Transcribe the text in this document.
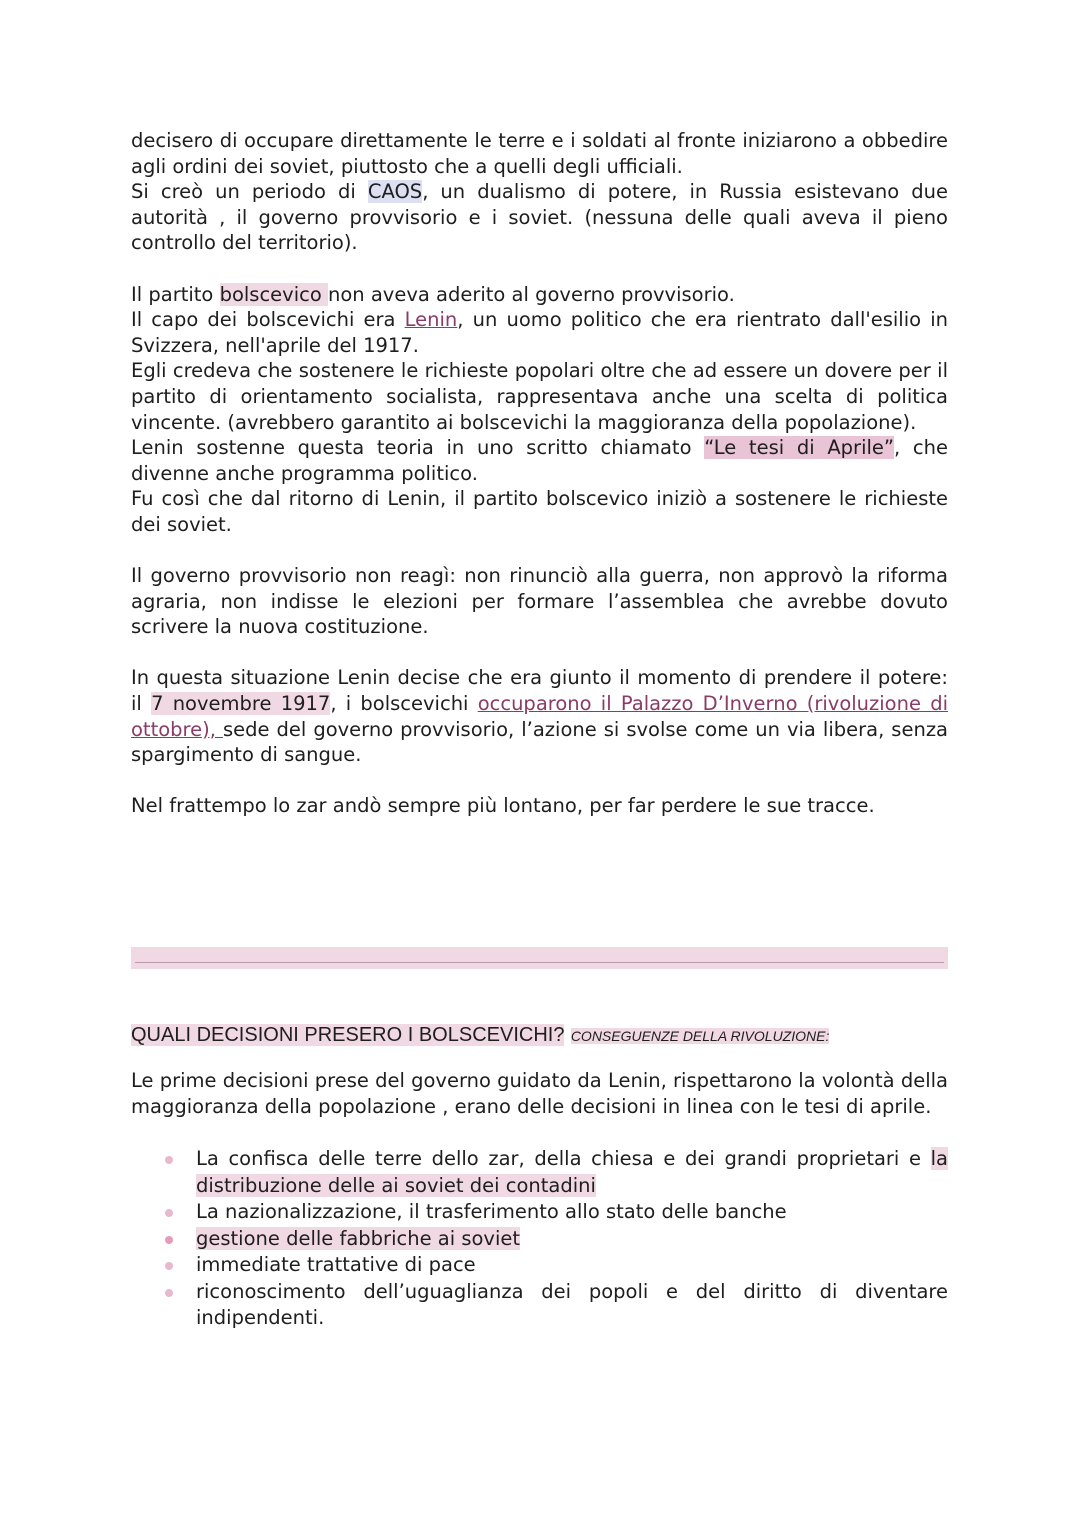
decisero di occupare direttamente le terre e i soldati al fronte iniziarono a obbedire agli ordini dei soviet, piuttosto che a quelli degli ufficiali.
Si creò un periodo di CAOS, un dualismo di potere, in Russia esistevano due autorità , il governo provvisorio e i soviet. (nessuna delle quali aveva il pieno controllo del territorio).

Il partito bolscevico non aveva aderito al governo provvisorio.
Il capo dei bolscevichi era Lenin, un uomo politico che era rientrato dall'esilio in Svizzera, nell'aprile del 1917.
Egli credeva che sostenere le richieste popolari oltre che ad essere un dovere per il partito di orientamento socialista, rappresentava anche una scelta di politica vincente. (avrebbero garantito ai bolscevichi la maggioranza della popolazione).
Lenin sostenne questa teoria in uno scritto chiamato “Le tesi di Aprile”, che divenne anche programma politico.
Fu così che dal ritorno di Lenin, il partito bolscevico iniziò a sostenere le richieste dei soviet.

Il governo provvisorio non reagì: non rinunciò alla guerra, non approvò la riforma agraria, non indisse le elezioni per formare l’assemblea che avrebbe dovuto scrivere la nuova costituzione.

In questa situazione Lenin decise che era giunto il momento di prendere il potere: il 7 novembre 1917, i bolscevichi occuparono il Palazzo D’Inverno (rivoluzione di ottobre), sede del governo provvisorio, l’azione si svolse come un via libera, senza spargimento di sangue.

Nel frattempo lo zar andò sempre più lontano, per far perdere le sue tracce.

QUALI DECISIONI PRESERO I BOLSCEVICHI? CONSEGUENZE DELLA RIVOLUZIONE:

Le prime decisioni prese del governo guidato da Lenin, rispettarono la volontà della maggioranza della popolazione , erano delle decisioni in linea con le tesi di aprile.

La confisca delle terre dello zar, della chiesa e dei grandi proprietari e la distribuzione delle ai soviet dei contadini
La nazionalizzazione, il trasferimento allo stato delle banche
gestione delle fabbriche ai soviet
immediate trattative di pace
riconoscimento dell’uguaglianza dei popoli e del diritto di diventare indipendenti.
